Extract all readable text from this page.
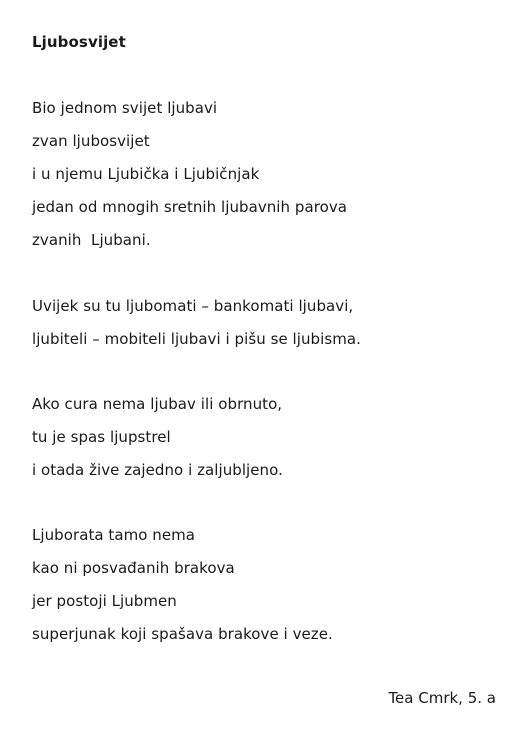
Ljubosvijet
Bio jednom svijet ljubavi
zvan ljubosvijet
i u njemu Ljubička i Ljubičnjak
jedan od mnogih sretnih ljubavnih parova
zvanih  Ljubani.
Uvijek su tu ljubomati – bankomati ljubavi,
ljubiteli – mobiteli ljubavi i pišu se ljubisma.
Ako cura nema ljubav ili obrnuto,
tu je spas ljupstrel
i otada žive zajedno i zaljubljeno.
Ljuborata tamo nema
kao ni posvađanih brakova
jer postoji Ljubmen
superjunak koji spašava brakove i veze.
Tea Cmrk, 5. a
